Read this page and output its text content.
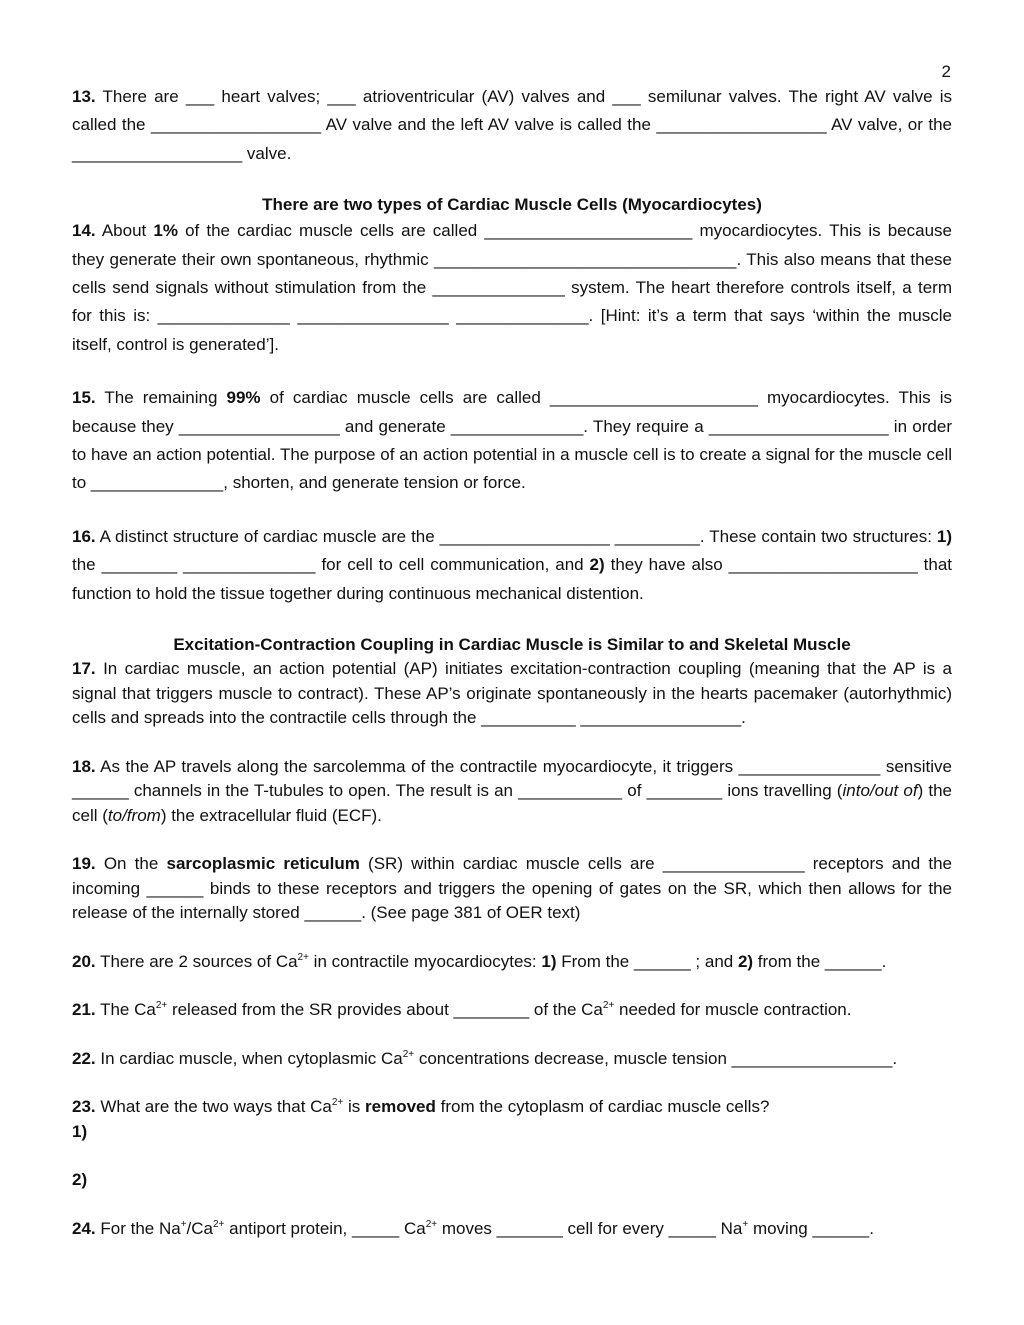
2

13. There are ___ heart valves; ___ atrioventricular (AV) valves and ___ semilunar valves. The right AV valve is called the __________________ AV valve and the left AV valve is called the __________________ AV valve, or the __________________ valve.

There are two types of Cardiac Muscle Cells (Myocardiocytes)

14. About 1% of the cardiac muscle cells are called ______________________ myocardiocytes. This is because they generate their own spontaneous, rhythmic ________________________________. This also means that these cells send signals without stimulation from the ______________ system. The heart therefore controls itself, a term for this is: ______________ ________________ ______________. [Hint: it’s a term that says ‘within the muscle itself, control is generated’].

15. The remaining 99% of cardiac muscle cells are called ______________________ myocardiocytes. This is because they _________________ and generate ______________. They require a ___________________ in order to have an action potential. The purpose of an action potential in a muscle cell is to create a signal for the muscle cell to ______________, shorten, and generate tension or force.

16. A distinct structure of cardiac muscle are the __________________ _________. These contain two structures: 1) the ________ ______________ for cell to cell communication, and 2) they have also ____________________ that function to hold the tissue together during continuous mechanical distention.

Excitation-Contraction Coupling in Cardiac Muscle is Similar to and Skeletal Muscle

17. In cardiac muscle, an action potential (AP) initiates excitation-contraction coupling (meaning that the AP is a signal that triggers muscle to contract). These AP’s originate spontaneously in the hearts pacemaker (autorhythmic) cells and spreads into the contractile cells through the __________ _________________.

18. As the AP travels along the sarcolemma of the contractile myocardiocyte, it triggers _______________ sensitive ______ channels in the T-tubules to open. The result is an ___________ of ________ ions travelling (into/out of) the cell (to/from) the extracellular fluid (ECF).

19. On the sarcoplasmic reticulum (SR) within cardiac muscle cells are _______________ receptors and the incoming ______ binds to these receptors and triggers the opening of gates on the SR, which then allows for the release of the internally stored ______. (See page 381 of OER text)

20. There are 2 sources of $Ca^{2+}$ in contractile myocardiocytes: 1) From the ______ ; and 2) from the ______.

21. The $Ca^{2+}$ released from the SR provides about ________ of the $Ca^{2+}$ needed for muscle contraction.

22. In cardiac muscle, when cytoplasmic $Ca^{2+}$ concentrations decrease, muscle tension _________________.

23. What are the two ways that $Ca^{2+}$ is removed from the cytoplasm of cardiac muscle cells?

1)

2)

24. For the $Na^+/Ca^{2+}$ antiport protein, _____ $Ca^{2+}$ moves _______ cell for every _____ Na+ moving ______.
